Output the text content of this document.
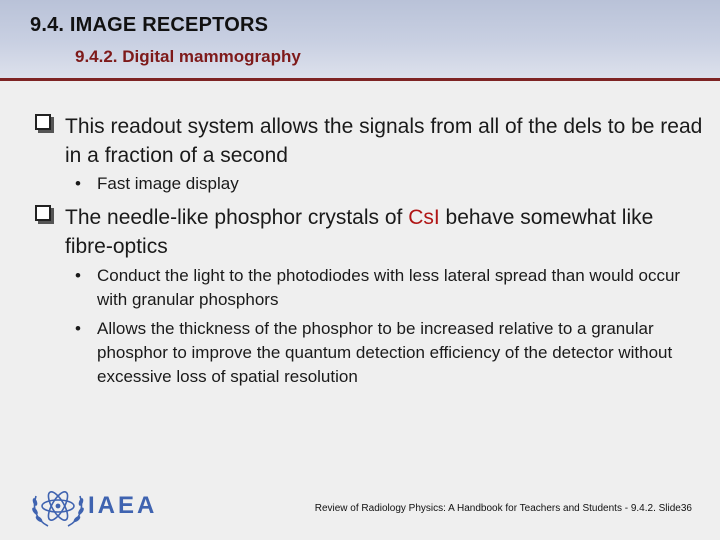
9.4. IMAGE RECEPTORS
9.4.2. Digital mammography
This readout system allows the signals from all of the dels to be read in a fraction of a second
• Fast image display
The needle-like phosphor crystals of CsI behave somewhat like fibre-optics
• Conduct the light to the photodiodes with less lateral spread than would occur with granular phosphors
• Allows the thickness of the phosphor to be increased relative to a granular phosphor to improve the quantum detection efficiency of the detector without excessive loss of spatial resolution
IAEA	Review of Radiology Physics: A Handbook for Teachers and Students - 9.4.2. Slide36
